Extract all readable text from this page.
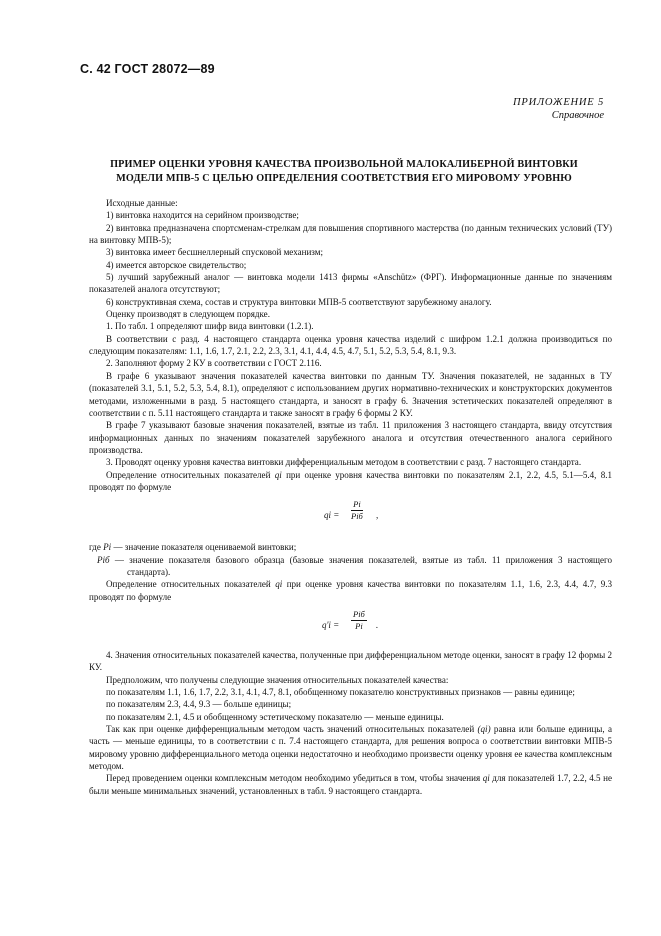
С. 42 ГОСТ 28072—89
ПРИЛОЖЕНИЕ 5
Справочное
ПРИМЕР ОЦЕНКИ УРОВНЯ КАЧЕСТВА ПРОИЗВОЛЬНОЙ МАЛОКАЛИБЕРНОЙ ВИНТОВКИ
МОДЕЛИ МПВ-5 С ЦЕЛЬЮ ОПРЕДЕЛЕНИЯ СООТВЕТСТВИЯ ЕГО МИРОВОМУ УРОВНЮ

Исходные данные:

1) винтовка находится на серийном производстве;

2) винтовка предназначена спортсменам-стрелкам для повышения спортивного мастерства (по данным технических условий (ТУ) на винтовку МПВ-5);

3) винтовка имеет бесшнеллерный спусковой механизм;

4) имеется авторское свидетельство;

5) лучший зарубежный аналог — винтовка модели 1413 фирмы «Anschütz» (ФРГ). Информационные данные по значениям показателей аналога отсутствуют;

6) конструктивная схема, состав и структура винтовки МПВ-5 соответствуют зарубежному аналогу.

Оценку производят в следующем порядке.

1. По табл. 1 определяют шифр вида винтовки (1.2.1).

В соответствии с разд. 4 настоящего стандарта оценка уровня качества изделий с шифром 1.2.1 должна производиться по следующим показателям: 1.1, 1.6, 1.7, 2.1, 2.2, 2.3, 3.1, 4.1, 4.4, 4.5, 4.7, 5.1, 5.2, 5.3, 5.4, 8.1, 9.3.

2. Заполняют форму 2 КУ в соответствии с ГОСТ 2.116.

В графе 6 указывают значения показателей качества винтовки по данным ТУ. Значения показателей, не заданных в ТУ (показателей 3.1, 5.1, 5.2, 5.3, 5.4, 8.1), определяют с использованием других нормативно-технических и конструкторских документов методами, изложенными в разд. 5 настоящего стандарта, и заносят в графу 6. Значения эстетических показателей определяют в соответствии с п. 5.11 настоящего стандарта и также заносят в графу 6 формы 2 КУ.

В графе 7 указывают базовые значения показателей, взятые из табл. 11 приложения 3 настоящего стандарта, ввиду отсутствия информационных данных по значениям показателей зарубежного аналога и отсутствия отечественного аналога серийного производства.

3. Проводят оценку уровня качества винтовки дифференциальным методом в соответствии с разд. 7 настоящего стандарта.

Определение относительных показателей qi при оценке уровня качества винтовки по показателям 2.1, 2.2, 4.5, 5.1—5.4, 8.1 проводят по формуле

qi =
Pi
Piб ,

где Pi — значение показателя оцениваемой винтовки;

Piб — значение показателя базового образца (базовые значения показателей, взятые из табл. 11 приложения 3 настоящего стандарта).

Определение относительных показателей qi при оценке уровня качества винтовки по показателям 1.1, 1.6, 2.3, 4.4, 4.7, 9.3 проводят по формуле

q'i =
Piб
Pi	.

4. Значения относительных показателей качества, полученные при дифференциальном методе оценки, заносят в графу 12 формы 2 КУ.

Предположим, что получены следующие значения относительных показателей качества:

по показателям 1.1, 1.6, 1.7, 2.2, 3.1, 4.1, 4.7, 8.1, обобщенному показателю конструктивных признаков — равны единице;

по показателям 2.3, 4.4, 9.3 — больше единицы;

по показателям 2.1, 4.5 и обобщенному эстетическому показателю — меньше единицы.

Так как при оценке дифференциальным методом часть значений относительных показателей (qi) равна или больше единицы, а часть — меньше единицы, то в соответствии с п. 7.4 настоящего стандарта, для решения вопроса о соответствии винтовки МПВ-5 мировому уровню дифференциального метода оценки недостаточно и необходимо произвести оценку уровня ее качества комплексным методом.

Перед проведением оценки комплексным методом необходимо убедиться в том, чтобы значения qi для показателей 1.7, 2.2, 4.5 не были меньше минимальных значений, установленных в табл. 9 настоящего стандарта.
